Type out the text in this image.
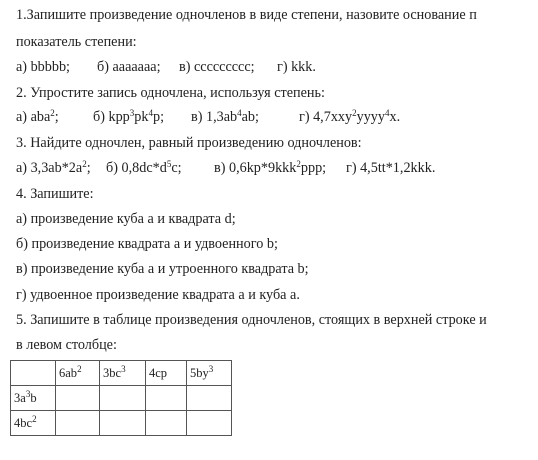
1.Запишите произведение одночленов в виде степени, назовите основание п
показатель степени:
а) bbbbb; б) ааааааа; в) ссссссссс; г) kkk.
2. Упростите запись одночлена, используя степень:
а) aba$^2$; б) $kpp^3pk^4p$; в) $1,3ab^4ab$;	г) 4,7xxy$^2$yyyy$^4$x.
3. Найдите одночлен, равный произведению одночленов:
а) $3,3ab*2a^2$; б) $0,8dc*d^5c$; в) 0,6kp*9kkk$^2$ppp; г) 4,5tt*1,2kkk.
4. Запишите:
а) произведение куба а и квадрата d;
б) произведение квадрата а и удвоенного b;
в) произведение куба а и утроенного квадрата b;
г) удвоенное произведение квадрата а и куба а.
5. Запишите в таблице произведения одночленов, стоящих в верхней строке и
в левом столбце:
	$6ab^2$	$3bc^3$	4cp	$5by^3$
$3a^3b$				
$4bc^2$				
